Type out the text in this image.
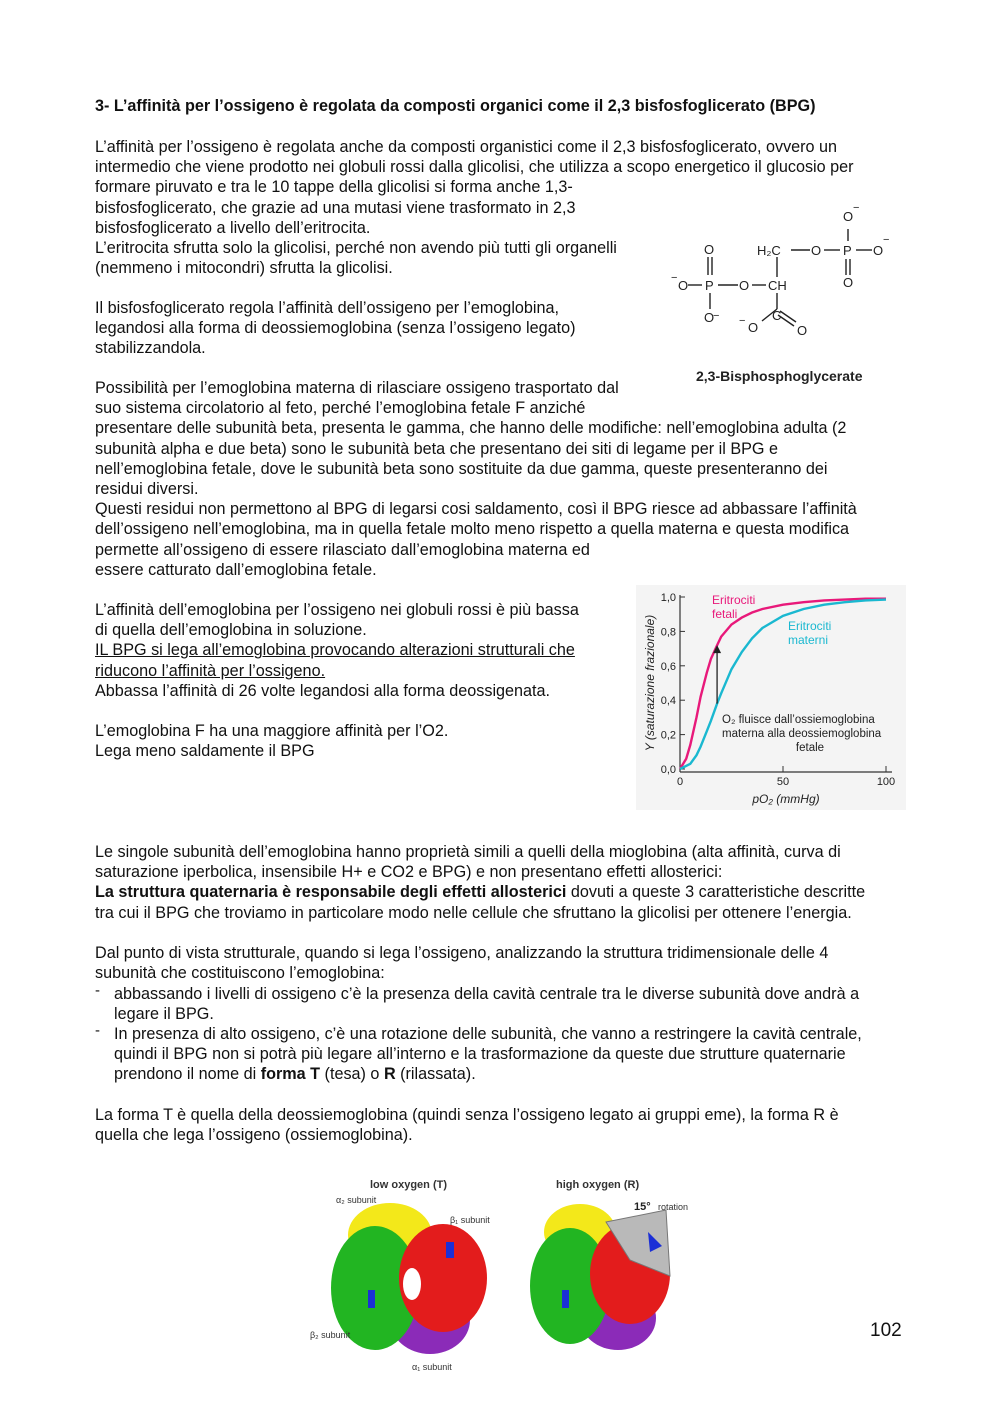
3- L’affinità per l’ossigeno è regolata da composti organici come il 2,3 bisfosfoglicerato (BPG)
L’affinità per l’ossigeno è regolata anche da composti organistici come il 2,3 bisfosfoglicerato, ovvero un
intermedio che viene prodotto nei globuli rossi dalla glicolisi, che utilizza a scopo energetico il glucosio per
formare piruvato e tra le 10 tappe della glicolisi si forma anche 1,3-
bisfosfoglicerato, che grazie ad una mutasi viene trasformato in 2,3
bisfosfoglicerato a livello dell’eritrocita.
L’eritrocita sfrutta solo la glicolisi, perché non avendo più tutti gli organelli
(nemmeno i mitocondri) sfrutta la glicolisi.
Il bisfosfoglicerato regola l’affinità dell’ossigeno per l’emoglobina,
legandosi alla forma di deossiemoglobina (senza l’ossigeno legato)
stabilizzandola.
Possibilità per l’emoglobina materna di rilasciare ossigeno trasportato dal
suo sistema circolatorio al feto, perché l’emoglobina fetale F anziché
presentare delle subunità beta, presenta le gamma, che hanno delle modifiche: nell’emoglobina adulta (2
subunità alpha e due beta) sono le subunità beta che presentano dei siti di legame per il BPG e
nell’emoglobina fetale, dove le subunità beta sono sostituite da due gamma, queste presenteranno dei
residui diversi.
Questi residui non permettono al BPG di legarsi cosi saldamento, così il BPG riesce ad abbassare l’affinità
dell’ossigeno nell’emoglobina, ma in quella fetale molto meno rispetto a quella materna e questa modifica
permette all’ossigeno di essere rilasciato dall’emoglobina materna ed
essere catturato dall’emoglobina fetale.
L’affinità dell’emoglobina per l’ossigeno nei globuli rossi è più bassa
di quella dell’emoglobina in soluzione.
IL BPG si lega all’emoglobina provocando alterazioni strutturali che
riducono l’affinità per l’ossigeno.
Abbassa l’affinità di 26 volte legandosi alla forma deossigenata.
L’emoglobina F ha una maggiore affinità per l’O2.
Lega meno saldamente il BPG
Le singole subunità dell’emoglobina hanno proprietà simili a quelli della mioglobina (alta affinità, curva di
saturazione iperbolica, insensibile H+ e CO2 e BPG) e non presentano effetti allosterici:
La struttura quaternaria è responsabile degli effetti allosterici dovuti a queste 3 caratteristiche descritte
tra cui il BPG che troviamo in particolare modo nelle cellule che sfruttano la glicolisi per ottenere l’energia.
Dal punto di vista strutturale, quando si lega l’ossigeno, analizzando la struttura tridimensionale delle 4
subunità che costituiscono l’emoglobina:
- abbassando i livelli di ossigeno c’è la presenza della cavità centrale tra le diverse subunità dove andrà a
legare il BPG.
- In presenza di alto ossigeno, c’è una rotazione delle subunità, che vanno a restringere la cavità centrale,
quindi il BPG non si potrà più legare all’interno e la trasformazione da queste due strutture quaternarie
prendono il nome di forma T (tesa) o R (rilassata).
La forma T è quella della deossiemoglobina (quindi senza l’ossigeno legato ai gruppi eme), la forma R è
quella che lega l’ossigeno (ossiemoglobina).
O
−
O	H₂C O P O
−
O
− O P O CH
O
−	C
− O	O
2,3-Bisphosphoglycerate
0,0
0,2
0,4
0,6
0,8
1,0
0	50	100
Y (saturazione frazionale)
pO₂ (mmHg)
Eritrociti
fetali
Eritrociti
materni
O₂ fluisce dall’ossiemoglobina
materna alla deossiemoglobina
fetale
low oxygen (T)	high oxygen (R)
α₂ subunit
β₁ subunit
β₂ subunit
α₁ subunit
15° rotation
102
